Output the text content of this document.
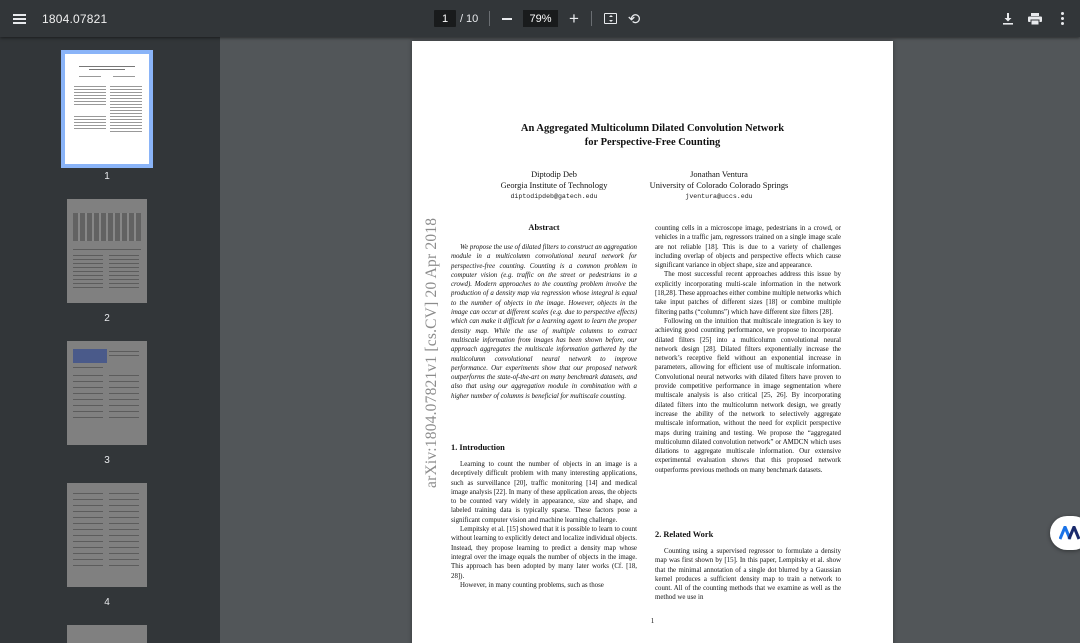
1804.07821	1	/ 10	79%	+	⟲
1
2
3
4
An Aggregated Multicolumn Dilated Convolution Network
for Perspective-Free Counting
Diptodip Deb
Georgia Institute of Technology
diptodipdeb@gatech.edu
Jonathan Ventura
University of Colorado Colorado Springs
jventura@uccs.edu
arXiv:1804.07821v1 [cs.CV] 20 Apr 2018	Abstract

We propose the use of dilated filters to construct an aggregation module in a multicolumn convolutional neural network for perspective-free counting. Counting is a common problem in computer vision (e.g. traffic on the street or pedestrians in a crowd). Modern approaches to the counting problem involve the production of a density map via regression whose integral is equal to the number of objects in the image. However, objects in the image can occur at different scales (e.g. due to perspective effects) which can make it difficult for a learning agent to learn the proper density map. While the use of multiple columns to extract multiscale information from images has been shown before, our approach aggregates the multiscale information gathered by the multicolumn convolutional neural network to improve performance. Our experiments show that our proposed network outperforms the state-of-the-art on many benchmark datasets, and also that using our aggregation module in combination with a higher number of columns is beneficial for multiscale counting.

1. Introduction

Learning to count the number of objects in an image is a deceptively difficult problem with many interesting applications, such as surveillance [20], traffic monitoring [14] and medical image analysis [22]. In many of these application areas, the objects to be counted vary widely in appearance, size and shape, and labeled training data is typically sparse. These factors pose a significant computer vision and machine learning challenge.

Lempitsky et al. [15] showed that it is possible to learn to count without learning to explicitly detect and localize individual objects. Instead, they propose learning to predict a density map whose integral over the image equals the number of objects in the image. This approach has been adopted by many later works (Cf. [18, 28]).

However, in many counting problems, such as those

counting cells in a microscope image, pedestrians in a crowd, or vehicles in a traffic jam, regressors trained on a single image scale are not reliable [18]. This is due to a variety of challenges including overlap of objects and perspective effects which cause significant variance in object shape, size and appearance.

The most successful recent approaches address this issue by explicitly incorporating multi-scale information in the network [18,28]. These approaches either combine multiple networks which take input patches of different sizes [18] or combine multiple filtering paths (“columns”) which have different size filters [28].

Following on the intuition that multiscale integration is key to achieving good counting performance, we propose to incorporate dilated filters [25] into a multicolumn convolutional neural network design [28]. Dilated filters exponentially increase the network’s receptive field without an exponential increase in parameters, allowing for efficient use of multiscale information. Convolutional neural networks with dilated filters have proven to provide competitive performance in image segmentation where multiscale analysis is also critical [25, 26]. By incorporating dilated filters into the multicolumn network design, we greatly increase the ability of the network to selectively aggregate multiscale information, without the need for explicit perspective maps during training and testing. We propose the “aggregated multicolumn dilated convolution network” or AMDCN which uses dilations to aggregate multiscale information. Our extensive experimental evaluation shows that this proposed network outperforms previous methods on many benchmark datasets.

2. Related Work

Counting using a supervised regressor to formulate a density map was first shown by [15]. In this paper, Lempitsky et al. show that the minimal annotation of a single dot blurred by a Gaussian kernel produces a sufficient density map to train a network to count. All of the counting methods that we examine as well as the method we use in

1
